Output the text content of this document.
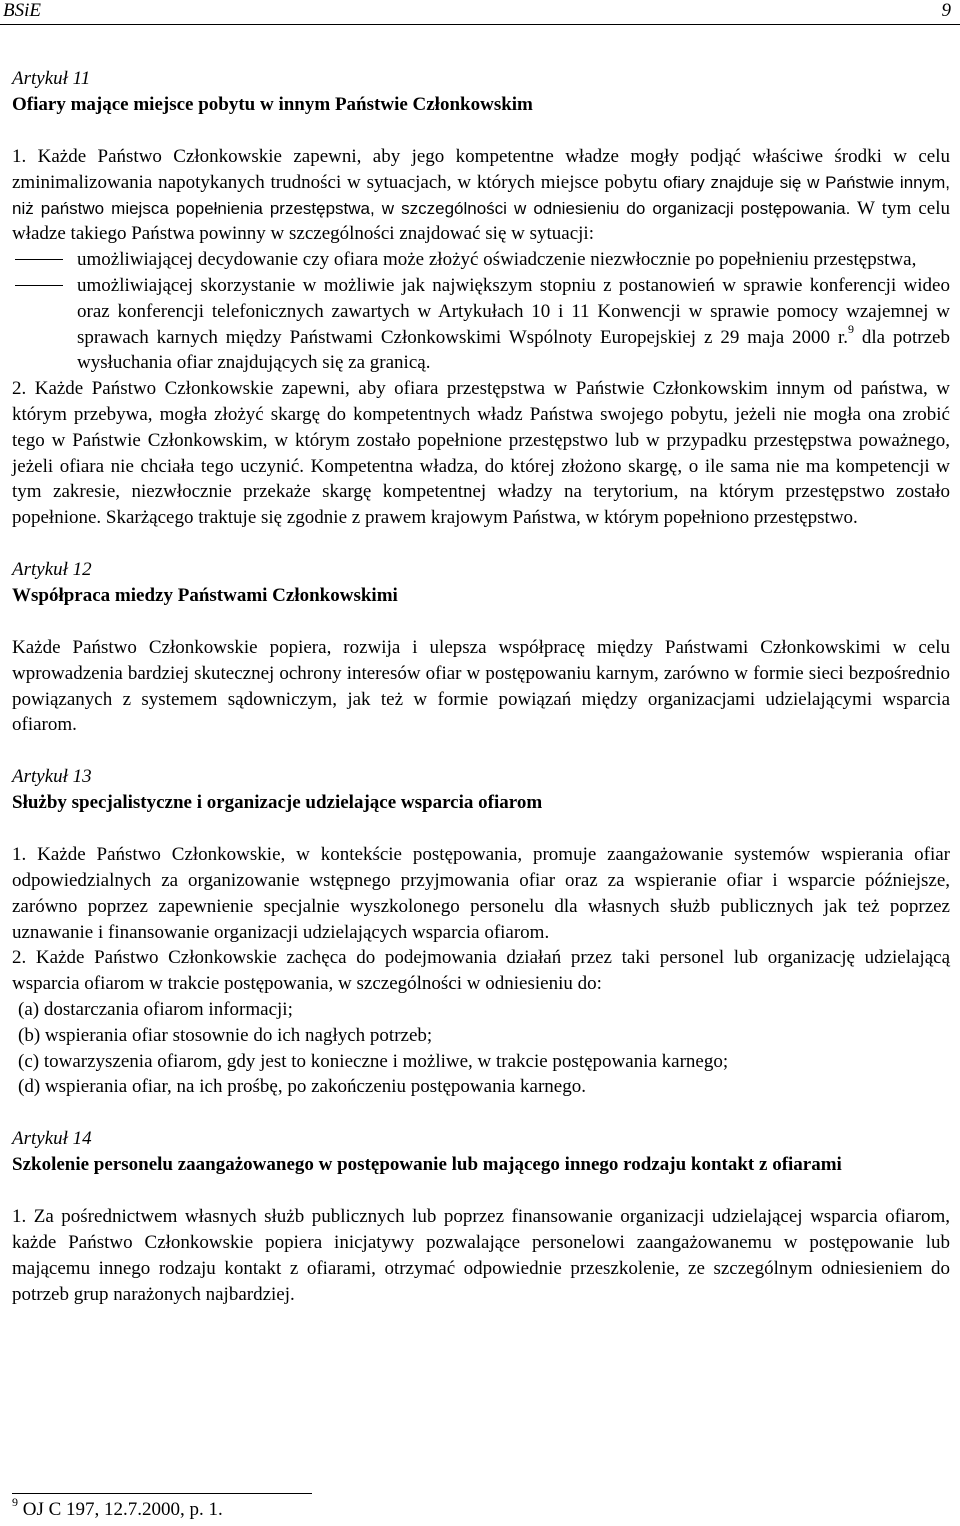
BSiE	9
Artykuł 11
Ofiary mające miejsce pobytu w innym Państwie Członkowskim

1. Każde Państwo Członkowskie zapewni, aby jego kompetentne władze mogły podjąć właściwe środki w celu zminimalizowania napotykanych trudności w sytuacjach, w których miejsce pobytu ofiary znajduje się w Państwie innym, niż państwo miejsca popełnienia przestępstwa, w szczególności w odniesieniu do organizacji postępowania. W tym celu władze takiego Państwa powinny w szczególności znajdować się w sytuacji:

umożliwiającej decydowanie czy ofiara może złożyć oświadczenie niezwłocznie po popełnieniu przestępstwa,
umożliwiającej skorzystanie w możliwie jak największym stopniu z postanowień w sprawie konferencji wideo oraz konferencji telefonicznych zawartych w Artykułach 10 i 11 Konwencji w sprawie pomocy wzajemnej w sprawach karnych między Państwami Członkowskimi Wspólnoty Europejskiej z 29 maja 2000 r.$^9$ dla potrzeb wysłuchania ofiar znajdujących się za granicą.

2. Każde Państwo Członkowskie zapewni, aby ofiara przestępstwa w Państwie Członkowskim innym od państwa, w którym przebywa, mogła złożyć skargę do kompetentnych władz Państwa swojego pobytu, jeżeli nie mogła ona zrobić tego w Państwie Członkowskim, w którym zostało popełnione przestępstwo lub w przypadku przestępstwa poważnego, jeżeli ofiara nie chciała tego uczynić. Kompetentna władza, do której złożono skargę, o ile sama nie ma kompetencji w tym zakresie, niezwłocznie przekaże skargę kompetentnej władzy na terytorium, na którym przestępstwo zostało popełnione. Skarżącego traktuje się zgodnie z prawem krajowym Państwa, w którym popełniono przestępstwo.

Artykuł 12
Współpraca miedzy Państwami Członkowskimi

Każde Państwo Członkowskie popiera, rozwija i ulepsza współpracę między Państwami Członkowskimi w celu wprowadzenia bardziej skutecznej ochrony interesów ofiar w postępowaniu karnym, zarówno w formie sieci bezpośrednio powiązanych z systemem sądowniczym, jak też w formie powiązań między organizacjami udzielającymi wsparcia ofiarom.

Artykuł 13
Służby specjalistyczne i organizacje udzielające wsparcia ofiarom

1. Każde Państwo Członkowskie, w kontekście postępowania, promuje zaangażowanie systemów wspierania ofiar odpowiedzialnych za organizowanie wstępnego przyjmowania ofiar oraz za wspieranie ofiar i wsparcie późniejsze, zarówno poprzez zapewnienie specjalnie wyszkolonego personelu dla własnych służb publicznych jak też poprzez uznawanie i finansowanie organizacji udzielających wsparcia ofiarom.

2. Każde Państwo Członkowskie zachęca do podejmowania działań przez taki personel lub organizację udzielającą wsparcia ofiarom w trakcie postępowania, w szczególności w odniesieniu do:

(a) dostarczania ofiarom informacji;
(b) wspierania ofiar stosownie do ich nagłych potrzeb;
(c) towarzyszenia ofiarom, gdy jest to konieczne i możliwe, w trakcie postępowania karnego;
(d) wspierania ofiar, na ich prośbę, po zakończeniu postępowania karnego.
Artykuł 14
Szkolenie personelu zaangażowanego w postępowanie lub mającego innego rodzaju kontakt z ofiarami

1. Za pośrednictwem własnych służb publicznych lub poprzez finansowanie organizacji udzielającej wsparcia ofiarom, każde Państwo Członkowskie popiera inicjatywy pozwalające personelowi zaangażowanemu w postępowanie lub mającemu innego rodzaju kontakt z ofiarami, otrzymać odpowiednie przeszkolenie, ze szczególnym odniesieniem do potrzeb grup narażonych najbardziej.

$^9$ OJ C 197, 12.7.2000, p. 1.
